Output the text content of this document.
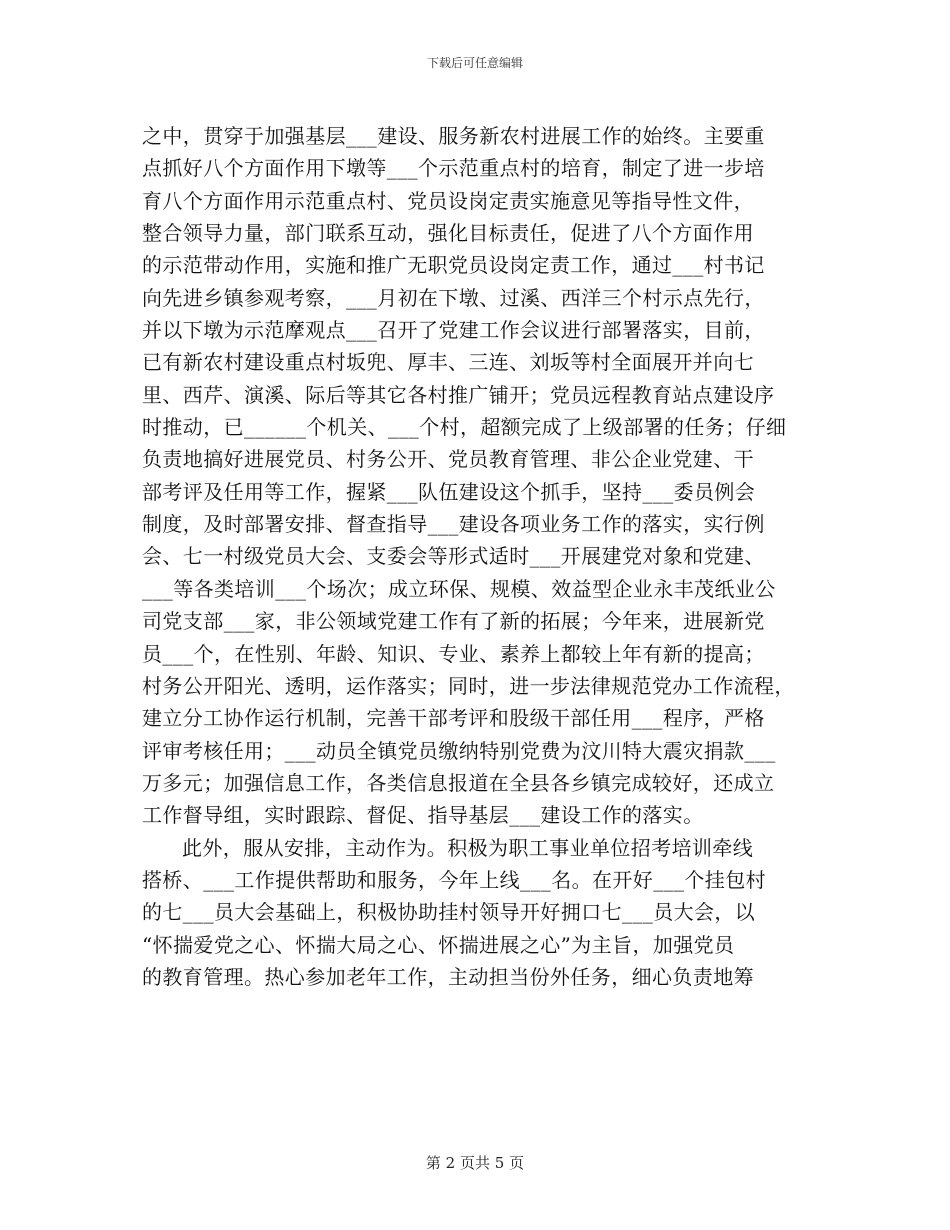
下载后可任意编辑
之中，贯穿于加强基层___建设、服务新农村进展工作的始终。主要重
点抓好八个方面作用下墩等___个示范重点村的培育，制定了进一步培
育八个方面作用示范重点村、党员设岗定责实施意见等指导性文件，
整合领导力量，部门联系互动，强化目标责任，促进了八个方面作用
的示范带动作用，实施和推广无职党员设岗定责工作，通过___村书记
向先进乡镇参观考察，___月初在下墩、过溪、西洋三个村示点先行，
并以下墩为示范摩观点___召开了党建工作会议进行部署落实，目前，
已有新农村建设重点村坂兜、厚丰、三连、刘坂等村全面展开并向七
里、西芹、演溪、际后等其它各村推广铺开；党员远程教育站点建设序
时推动，已______个机关、___个村，超额完成了上级部署的任务；仔细
负责地搞好进展党员、村务公开、党员教育管理、非公企业党建、干
部考评及任用等工作，握紧___队伍建设这个抓手，坚持___委员例会
制度，及时部署安排、督查指导___建设各项业务工作的落实，实行例
会、七一村级党员大会、支委会等形式适时___开展建党对象和党建、
___等各类培训___个场次；成立环保、规模、效益型企业永丰茂纸业公
司党支部___家，非公领域党建工作有了新的拓展；今年来，进展新党
员___个，在性别、年龄、知识、专业、素养上都较上年有新的提高；
村务公开阳光、透明，运作落实；同时，进一步法律规范党办工作流程，
建立分工协作运行机制，完善干部考评和股级干部任用___程序，严格
评审考核任用；___动员全镇党员缴纳特别党费为汶川特大震灾捐款___
万多元；加强信息工作，各类信息报道在全县各乡镇完成较好，还成立
工作督导组，实时跟踪、督促、指导基层___建设工作的落实。
此外，服从安排，主动作为。积极为职工事业单位招考培训牵线
搭桥、___工作提供帮助和服务，今年上线___名。在开好___个挂包村
的七___员大会基础上，积极协助挂村领导开好拥口七___员大会，以
“怀揣爱党之心、怀揣大局之心、怀揣进展之心”为主旨，加强党员
的教育管理。热心参加老年工作，主动担当份外任务，细心负责地筹
第 2 页共 5 页
